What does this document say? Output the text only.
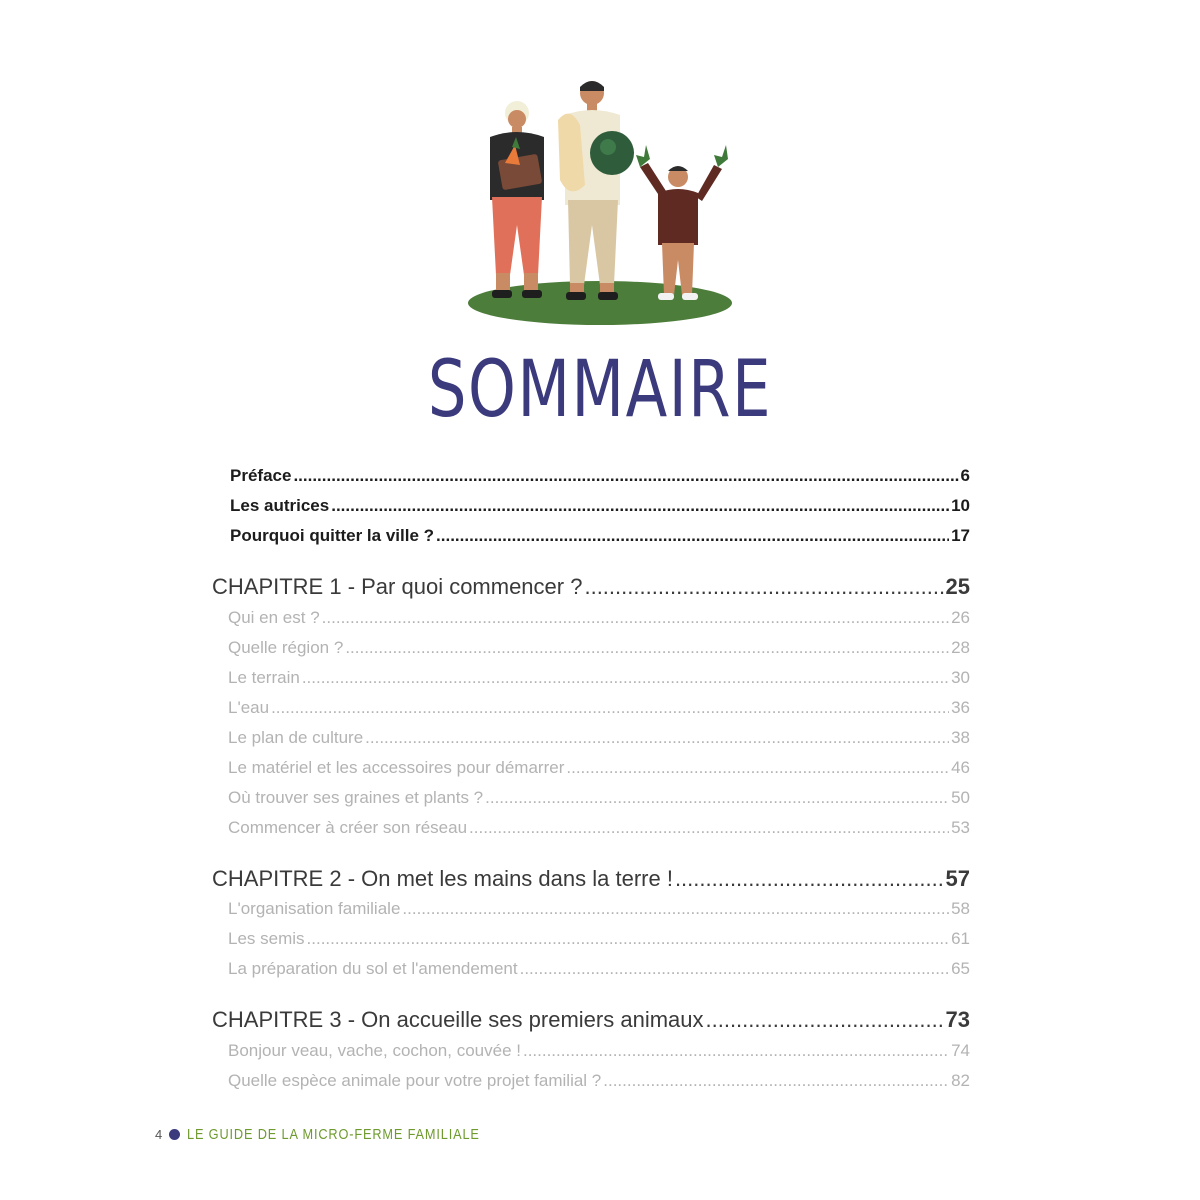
SOMMAIRE
Préface .....	6
Les autrices .....	10
Pourquoi quitter la ville ? .....	17
CHAPITRE 1 - Par quoi commencer ? .....	25
Qui en est ? .....	26
Quelle région ? .....	28
Le terrain .....	30
L'eau .....	36
Le plan de culture .....	38
Le matériel et les accessoires pour démarrer .....	46
Où trouver ses graines et plants ? .....	50
Commencer à créer son réseau .....	53
CHAPITRE 2 - On met les mains dans la terre ! .....	57
L'organisation familiale .....	58
Les semis .....	61
La préparation du sol et l'amendement .....	65
CHAPITRE 3 - On accueille ses premiers animaux .....	73
Bonjour veau, vache, cochon, couvée ! .....	74
Quelle espèce animale pour votre projet familial ? .....	82
4 LE GUIDE DE LA MICRO-FERME FAMILIALE
